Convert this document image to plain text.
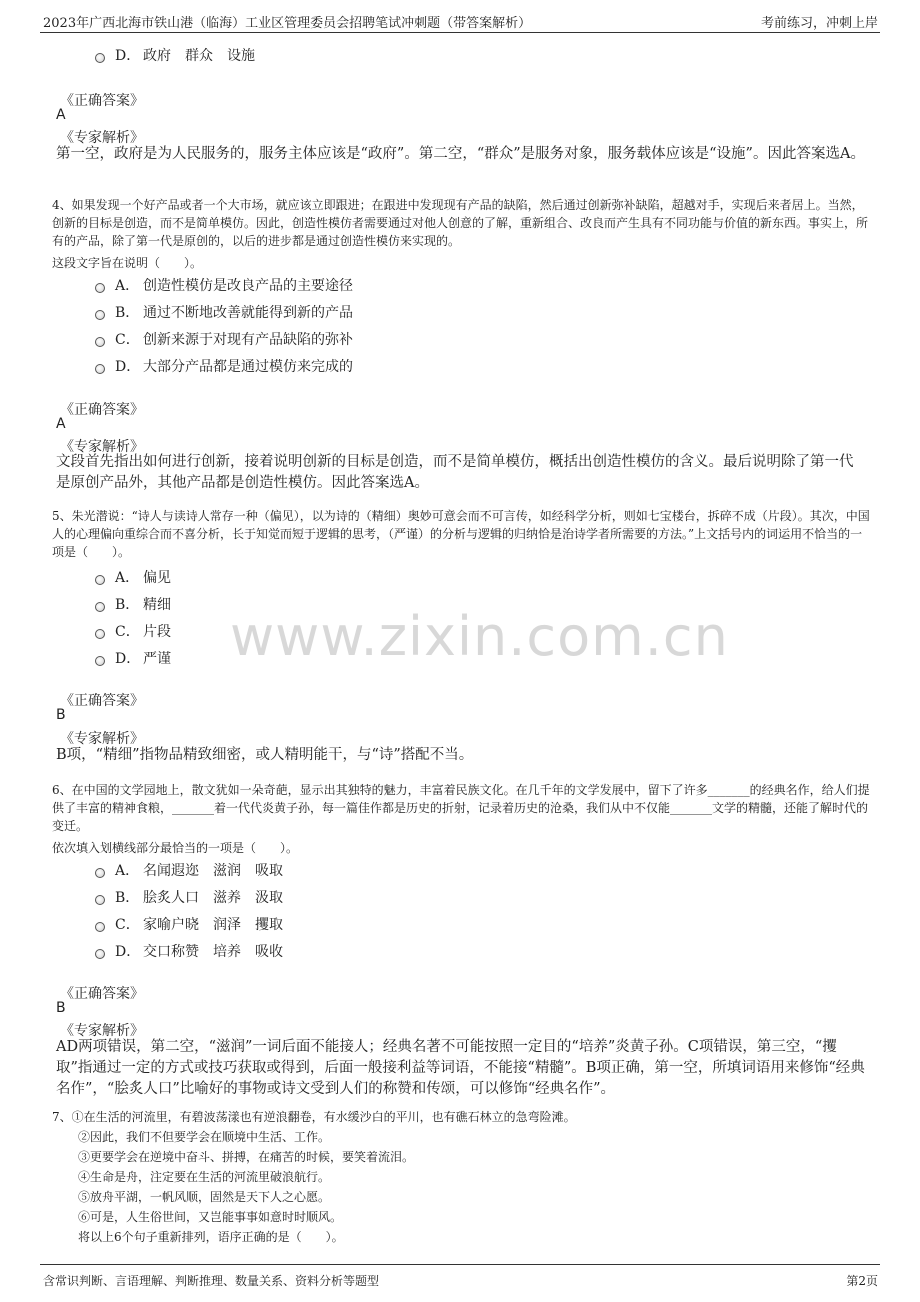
2023年广西北海市铁山港（临海）工业区管理委员会招聘笔试冲刺题（带答案解析）	考前练习，冲刺上岸
www.zixin.com.cn
D． 政府　群众　设施
《正确答案》
A
《专家解析》
第一空，政府是为人民服务的，服务主体应该是“政府”。第二空，“群众”是服务对象，服务载体应该是“设施”。因此答案选A。
4、如果发现一个好产品或者一个大市场，就应该立即跟进；在跟进中发现现有产品的缺陷，然后通过创新弥补缺陷，超越对手，实现后来者居上。当然，创新的目标是创造，而不是简单模仿。因此，创造性模仿者需要通过对他人创意的了解，重新组合、改良而产生具有不同功能与价值的新东西。事实上，所有的产品，除了第一代是原创的，以后的进步都是通过创造性模仿来实现的。
这段文字旨在说明（　　）。
A． 创造性模仿是改良产品的主要途径
B． 通过不断地改善就能得到新的产品
C． 创新来源于对现有产品缺陷的弥补
D． 大部分产品都是通过模仿来完成的
《正确答案》
A
《专家解析》
文段首先指出如何进行创新，接着说明创新的目标是创造，而不是简单模仿，概括出创造性模仿的含义。最后说明除了第一代是原创产品外，其他产品都是创造性模仿。因此答案选A。
5、朱光潜说：“诗人与读诗人常存一种（偏见），以为诗的（精细）奥妙可意会而不可言传，如经科学分析，则如七宝楼台，拆碎不成（片段）。其次，中国人的心理偏向重综合而不喜分析，长于知觉而短于逻辑的思考，（严谨）的分析与逻辑的归纳恰是治诗学者所需要的方法。”上文括号内的词运用不恰当的一项是（　　）。
A． 偏见
B． 精细
C． 片段
D． 严谨
《正确答案》
B
《专家解析》
B项，“精细”指物品精致细密，或人精明能干，与“诗”搭配不当。
6、在中国的文学园地上，散文犹如一朵奇葩，显示出其独特的魅力，丰富着民族文化。在几千年的文学发展中，留下了许多_______的经典名作，给人们提供了丰富的精神食粮，_______着一代代炎黄子孙，每一篇佳作都是历史的折射，记录着历史的沧桑，我们从中不仅能_______文学的精髓，还能了解时代的变迁。
依次填入划横线部分最恰当的一项是（　　）。
A． 名闻遐迩　滋润　吸取
B． 脍炙人口　滋养　汲取
C． 家喻户晓　润泽　攫取
D． 交口称赞　培养　吸收
《正确答案》
B
《专家解析》
AD两项错误，第二空，“滋润”一词后面不能接人；经典名著不可能按照一定目的“培养”炎黄子孙。C项错误，第三空，“攫取”指通过一定的方式或技巧获取或得到，后面一般接利益等词语，不能接“精髓”。B项正确，第一空，所填词语用来修饰“经典名作”，“脍炙人口”比喻好的事物或诗文受到人们的称赞和传颂，可以修饰“经典名作”。
7、①在生活的河流里，有碧波荡漾也有逆浪翻卷，有水缓沙白的平川，也有礁石林立的急弯险滩。
②因此，我们不但要学会在顺境中生活、工作。
③更要学会在逆境中奋斗、拼搏，在痛苦的时候，要笑着流泪。
④生命是舟，注定要在生活的河流里破浪航行。
⑤放舟平湖，一帆风顺，固然是天下人之心愿。
⑥可是，人生俗世间，又岂能事事如意时时顺风。
将以上6个句子重新排列，语序正确的是（　　）。
含常识判断、言语理解、判断推理、数量关系、资料分析等题型	第2页
